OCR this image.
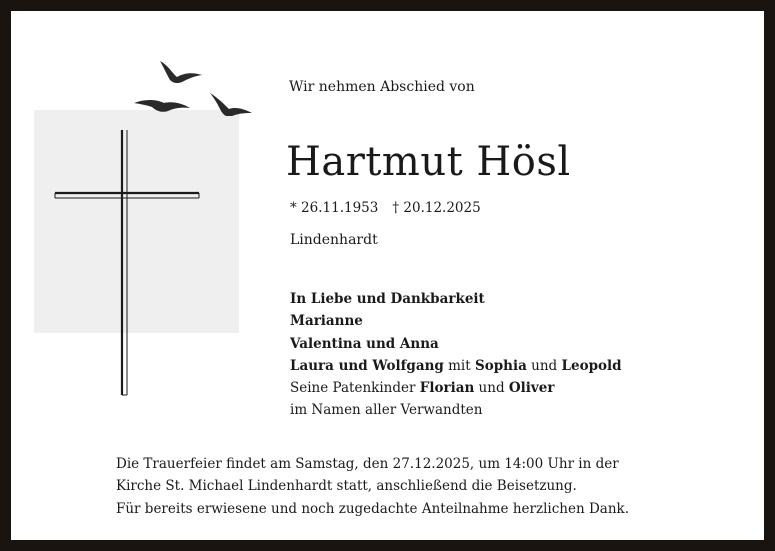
Wir nehmen Abschied von
Hartmut Hösl
* 26.11.1953 † 20.12.2025
Lindenhardt
In Liebe und Dankbarkeit
Marianne
Valentina und Anna
Laura und Wolfgang mit Sophia und Leopold
Seine Patenkinder Florian und Oliver
im Namen aller Verwandten
Die Trauerfeier findet am Samstag, den 27.12.2025, um 14:00 Uhr in der
Kirche St. Michael Lindenhardt statt, anschließend die Beisetzung.
Für bereits erwiesene und noch zugedachte Anteilnahme herzlichen Dank.
